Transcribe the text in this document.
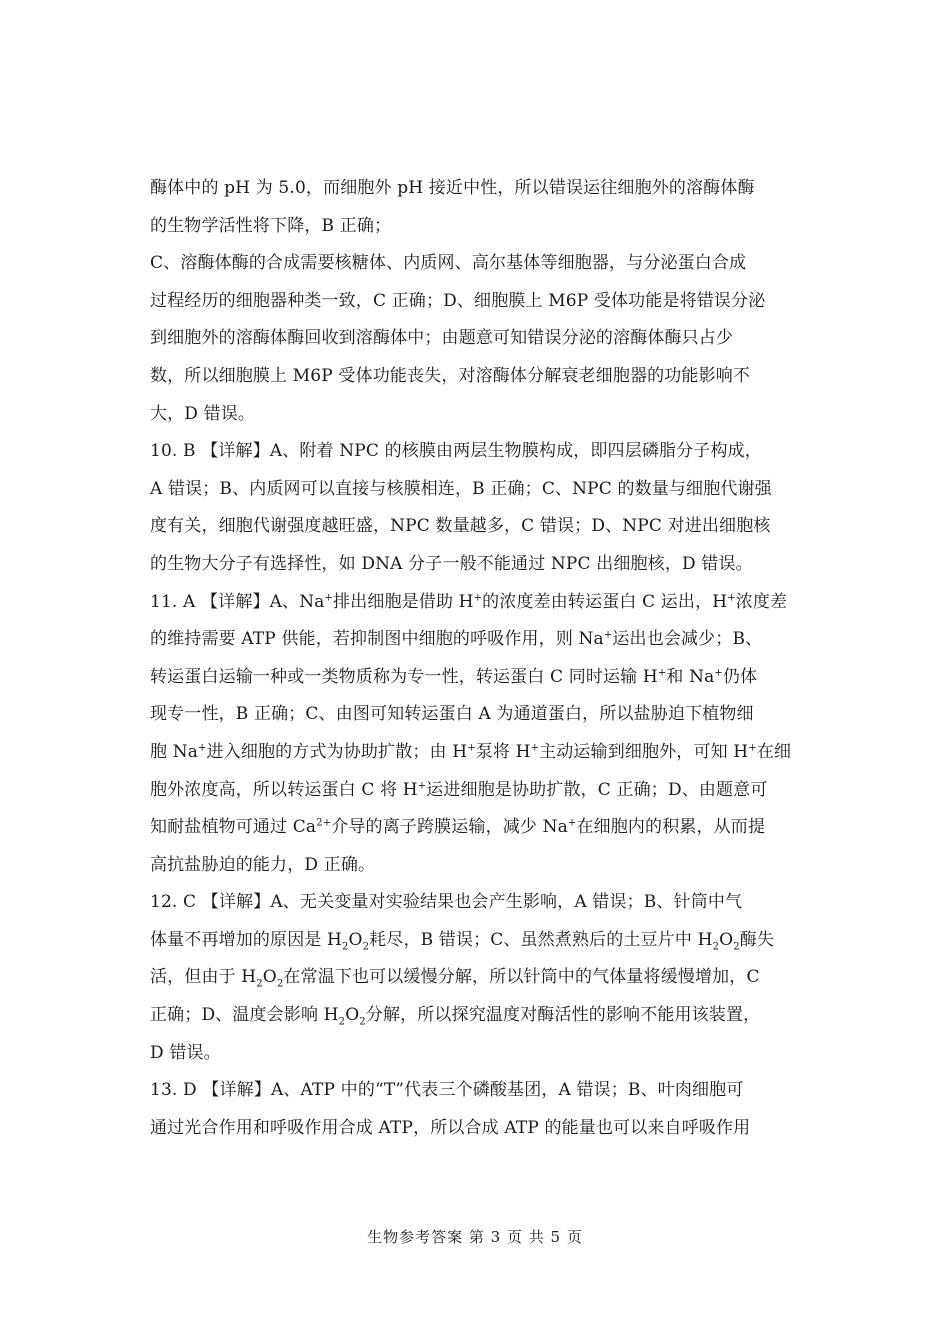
酶体中的 pH 为 5.0，而细胞外 pH 接近中性，所以错误运往细胞外的溶酶体酶
的生物学活性将下降，B 正确；
C、溶酶体酶的合成需要核糖体、内质网、高尔基体等细胞器，与分泌蛋白合成
过程经历的细胞器种类一致，C 正确；D、细胞膜上 M6P 受体功能是将错误分泌
到细胞外的溶酶体酶回收到溶酶体中；由题意可知错误分泌的溶酶体酶只占少
数，所以细胞膜上 M6P 受体功能丧失，对溶酶体分解衰老细胞器的功能影响不
大，D 错误。
10. B 【详解】A、附着 NPC 的核膜由两层生物膜构成，即四层磷脂分子构成，
A 错误；B、内质网可以直接与核膜相连，B 正确；C、NPC 的数量与细胞代谢强
度有关，细胞代谢强度越旺盛，NPC 数量越多，C 错误；D、NPC 对进出细胞核
的生物大分子有选择性，如 DNA 分子一般不能通过 NPC 出细胞核，D 错误。
11. A 【详解】A、Na+排出细胞是借助 H+的浓度差由转运蛋白 C 运出，H+浓度差
的维持需要 ATP 供能，若抑制图中细胞的呼吸作用，则 Na+运出也会减少；B、
转运蛋白运输一种或一类物质称为专一性，转运蛋白 C 同时运输 H+和 Na+仍体
现专一性，B 正确；C、由图可知转运蛋白 A 为通道蛋白，所以盐胁迫下植物细
胞 Na+进入细胞的方式为协助扩散；由 H+泵将 H+主动运输到细胞外，可知 H+在细
胞外浓度高，所以转运蛋白 C 将 H+运进细胞是协助扩散，C 正确；D、由题意可
知耐盐植物可通过 $Ca^{2+}$介导的离子跨膜运输，减少 Na+在细胞内的积累，从而提
高抗盐胁迫的能力，D 正确。
12. C 【详解】A、无关变量对实验结果也会产生影响，A 错误；B、针筒中气
体量不再增加的原因是 $H_2O_2$耗尽，B 错误；C、虽然煮熟后的土豆片中 $H_2O_2$酶失
活，但由于 $H_2O_2$在常温下也可以缓慢分解，所以针筒中的气体量将缓慢增加，C
正确；D、温度会影响 $H_2O_2$分解，所以探究温度对酶活性的影响不能用该装置，
D 错误。
13. D 【详解】A、ATP 中的“T”代表三个磷酸基团，A 错误；B、叶肉细胞可
通过光合作用和呼吸作用合成 ATP，所以合成 ATP 的能量也可以来自呼吸作用
生物参考答案 第 3 页 共 5 页
